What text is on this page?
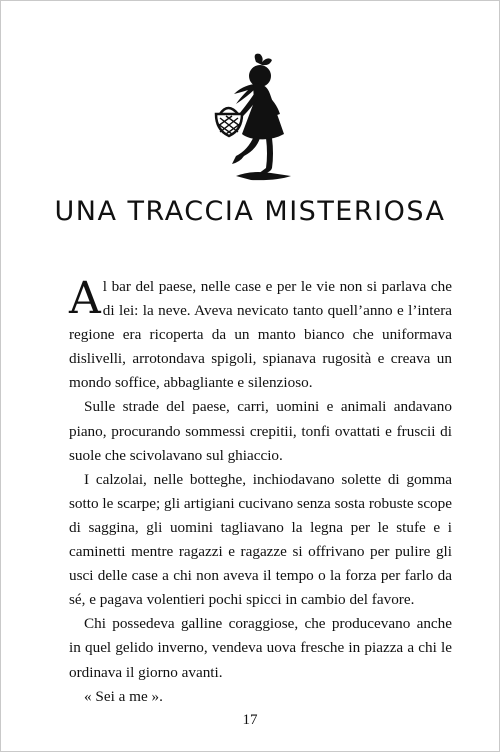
UNA TRACCIA MISTERIOSA

Al bar del paese, nelle case e per le vie non si parlava che di lei: la neve. Aveva nevicato tanto quell’anno e l’intera regione era ricoperta da un manto bianco che uniformava dislivelli, arrotondava spigoli, spianava rugosità e creava un mondo soffice, abbagliante e silenzioso.

Sulle strade del paese, carri, uomini e animali andavano piano, procurando sommessi crepitii, tonfi ovattati e fruscii di suole che scivolavano sul ghiaccio.

I calzolai, nelle botteghe, inchiodavano solette di gomma sotto le scarpe; gli artigiani cucivano senza sosta robuste scope di saggina, gli uomini tagliavano la legna per le stufe e i caminetti mentre ragazzi e ragazze si offrivano per pulire gli usci delle case a chi non aveva il tempo o la forza per farlo da sé, e pagava volentieri pochi spicci in cambio del favore.

Chi possedeva galline coraggiose, che producevano anche in quel gelido inverno, vendeva uova fresche in piazza a chi le ordinava il giorno avanti.

« Sei a me ».

17
